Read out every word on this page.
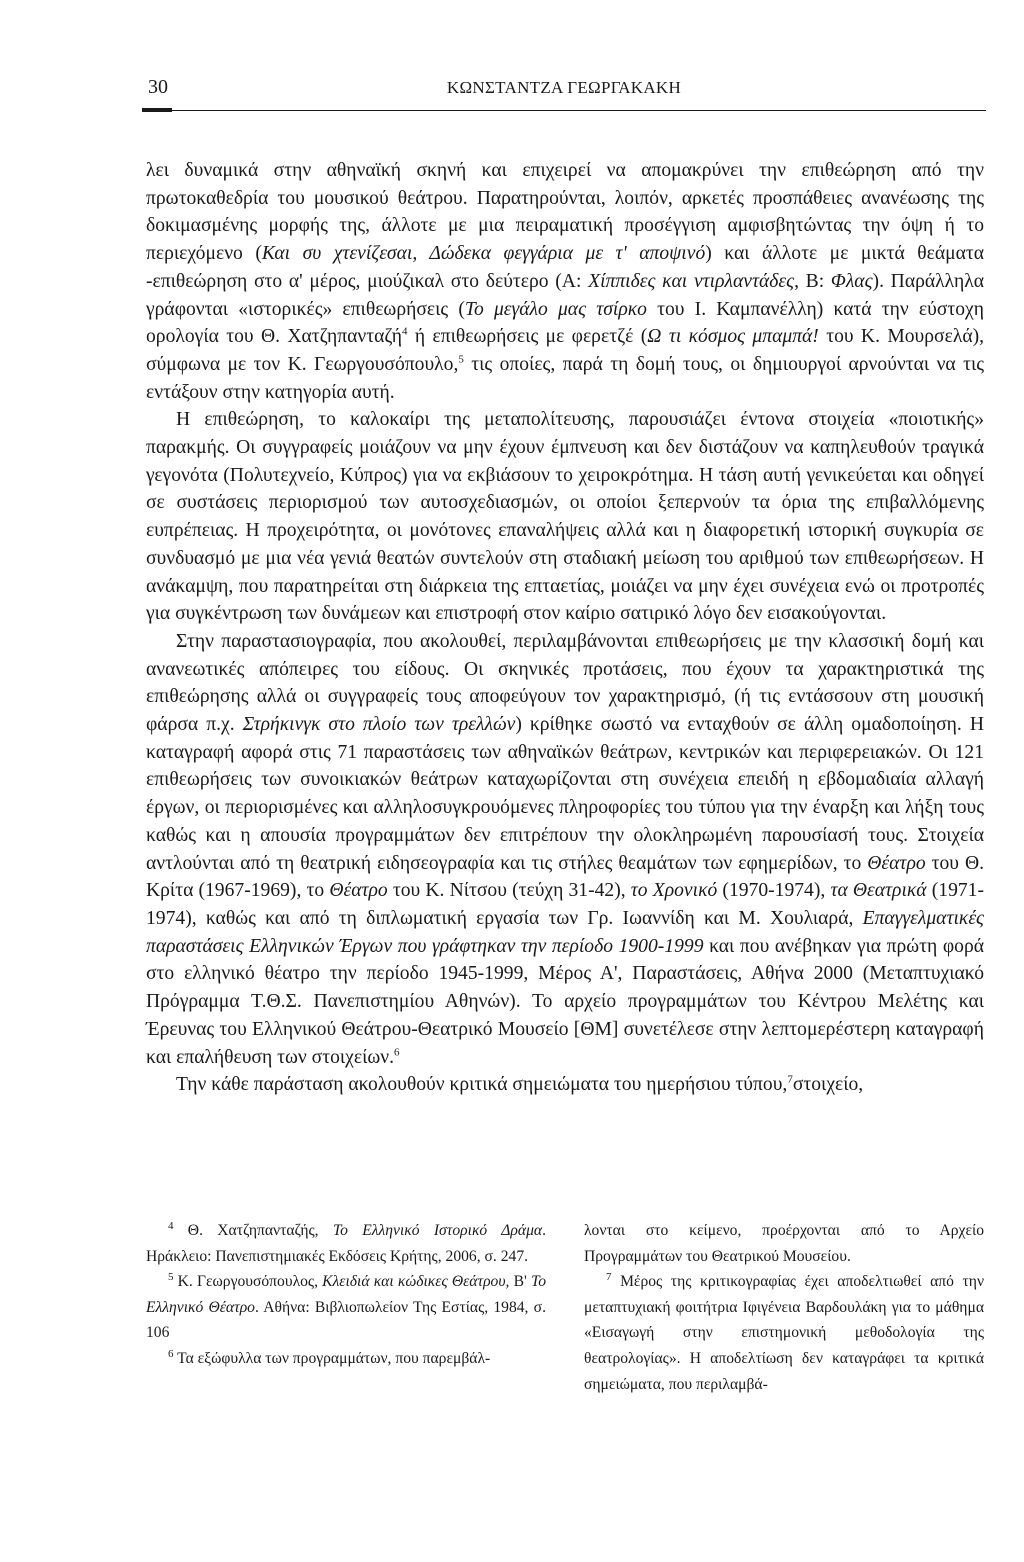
30	ΚΩΝΣΤΑΝΤΖΑ ΓΕΩΡΓΑΚΑΚΗ

λει δυναμικά στην αθηναϊκή σκηνή και επιχειρεί να απομακρύνει την επιθεώρηση από την πρωτοκαθεδρία του μουσικού θεάτρου. Παρατηρούνται, λοιπόν, αρκετές προσπάθειες ανανέωσης της δοκιμασμένης μορφής της, άλλοτε με μια πειραματική προσέγγιση αμφισβητώντας την όψη ή το περιεχόμενο (Και συ χτενίζεσαι, Δώδεκα φεγγάρια με τ' αποψινό) και άλλοτε με μικτά θεάματα -επιθεώρηση στο α' μέρος, μιούζικαλ στο δεύτερο (Α: Χίππιδες και ντιρλαντάδες, Β: Φλας). Παράλληλα γράφονται «ιστορικές» επιθεωρήσεις (Το μεγάλο μας τσίρκο του Ι. Καμπανέλλη) κατά την εύστοχη ορολογία του Θ. Χατζηπανταζή$^4$ ή επιθεωρήσεις με φερετζέ (Ω τι κόσμος μπαμπά! του Κ. Μουρσελά), σύμφωνα με τον Κ. Γεωργουσόπουλο,$^5$ τις οποίες, παρά τη δομή τους, οι δημιουργοί αρνούνται να τις εντάξουν στην κατηγορία αυτή.

Η επιθεώρηση, το καλοκαίρι της μεταπολίτευσης, παρουσιάζει έντονα στοιχεία «ποιοτικής» παρακμής. Οι συγγραφείς μοιάζουν να μην έχουν έμπνευση και δεν διστάζουν να καπηλευθούν τραγικά γεγονότα (Πολυτεχνείο, Κύπρος) για να εκβιάσουν το χειροκρότημα. Η τάση αυτή γενικεύεται και οδηγεί σε συστάσεις περιορισμού των αυτοσχεδιασμών, οι οποίοι ξεπερνούν τα όρια της επιβαλλόμενης ευπρέπειας. Η προχειρότητα, οι μονότονες επαναλήψεις αλλά και η διαφορετική ιστορική συγκυρία σε συνδυασμό με μια νέα γενιά θεατών συντελούν στη σταδιακή μείωση του αριθμού των επιθεωρήσεων. Η ανάκαμψη, που παρατηρείται στη διάρκεια της επταετίας, μοιάζει να μην έχει συνέχεια ενώ οι προτροπές για συγκέντρωση των δυνάμεων και επιστροφή στον καίριο σατιρικό λόγο δεν εισακούγονται.

Στην παραστασιογραφία, που ακολουθεί, περιλαμβάνονται επιθεωρήσεις με την κλασσική δομή και ανανεωτικές απόπειρες του είδους. Οι σκηνικές προτάσεις, που έχουν τα χαρακτηριστικά της επιθεώρησης αλλά οι συγγραφείς τους αποφεύγουν τον χαρακτηρισμό, (ή τις εντάσσουν στη μουσική φάρσα π.χ. Στρήκινγκ στο πλοίο των τρελλών) κρίθηκε σωστό να ενταχθούν σε άλλη ομαδοποίηση. Η καταγραφή αφορά στις 71 παραστάσεις των αθηναϊκών θεάτρων, κεντρικών και περιφερειακών. Οι 121 επιθεωρήσεις των συνοικιακών θεάτρων καταχωρίζονται στη συνέχεια επειδή η εβδομαδιαία αλλαγή έργων, οι περιορισμένες και αλληλοσυγκρουόμενες πληροφορίες του τύπου για την έναρξη και λήξη τους καθώς και η απουσία προγραμμάτων δεν επιτρέπουν την ολοκληρωμένη παρουσίασή τους. Στοιχεία αντλούνται από τη θεατρική ειδησεογραφία και τις στήλες θεαμάτων των εφημερίδων, το Θέατρο του Θ. Κρίτα (1967-1969), το Θέατρο του Κ. Νίτσου (τεύχη 31-42), το Χρονικό (1970-1974), τα Θεατρικά (1971-1974), καθώς και από τη διπλωματική εργασία των Γρ. Ιωαννίδη και Μ. Χουλιαρά, Επαγγελματικές παραστάσεις Ελληνικών Έργων που γράφτηκαν την περίοδο 1900-1999 και που ανέβηκαν για πρώτη φορά στο ελληνικό θέατρο την περίοδο 1945-1999, Μέρος Α', Παραστάσεις, Αθήνα 2000 (Μεταπτυχιακό Πρόγραμμα Τ.Θ.Σ. Πανεπιστημίου Αθηνών). Το αρχείο προγραμμάτων του Κέντρου Μελέτης και Έρευνας του Ελληνικού Θεάτρου-Θεατρικό Μουσείο [ΘΜ] συνετέλεσε στην λεπτομερέστερη καταγραφή και επαλήθευση των στοιχείων.$^6$

Την κάθε παράσταση ακολουθούν κριτικά σημειώματα του ημερήσιου τύπου,$^7$στοιχείο,

$^4$ Θ. Χατζηπανταζής, Το Ελληνικό Ιστορικό Δράμα. Ηράκλειο: Πανεπιστημιακές Εκδόσεις Κρήτης, 2006, σ. 247.

$^5$ Κ. Γεωργουσόπουλος, Κλειδιά και κώδικες Θεάτρου, Β' Το Ελληνικό Θέατρο. Αθήνα: Βιβλιοπωλείον Της Εστίας, 1984, σ. 106

$^6$ Τα εξώφυλλα των προγραμμάτων, που παρεμβάλ-

λονται στο κείμενο, προέρχονται από το Αρχείο Προγραμμάτων του Θεατρικού Μουσείου.

$^7$ Μέρος της κριτικογραφίας έχει αποδελτιωθεί από την μεταπτυχιακή φοιτήτρια Ιφιγένεια Βαρδουλάκη για το μάθημα «Εισαγωγή στην επιστημονική μεθοδολογία της θεατρολογίας». Η αποδελτίωση δεν καταγράφει τα κριτικά σημειώματα, που περιλαμβά-
